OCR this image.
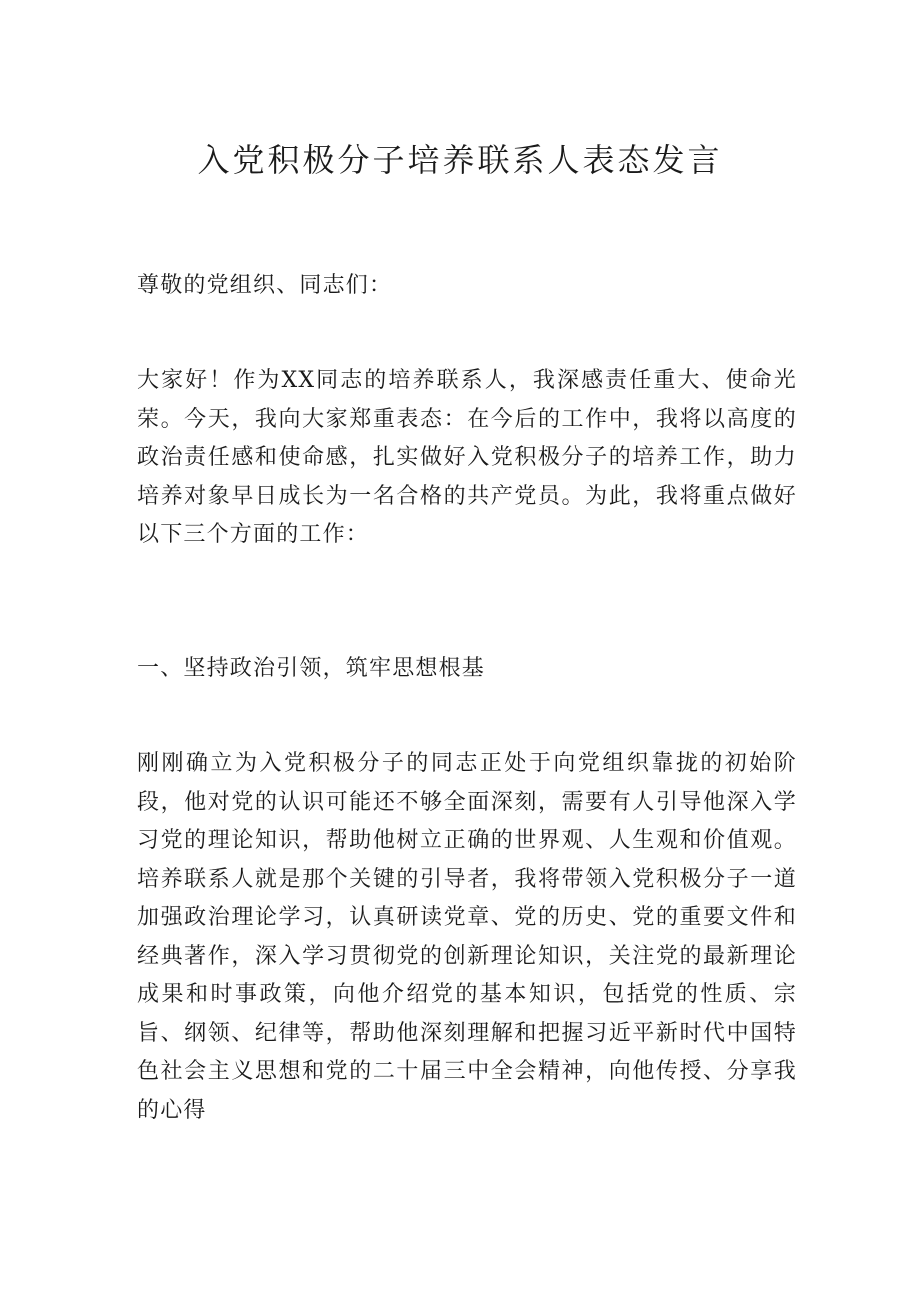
入党积极分子培养联系人表态发言
尊敬的党组织、同志们：
大家好！作为XX同志的培养联系人，我深感责任重大、使命光荣。今天，我向大家郑重表态：在今后的工作中，我将以高度的政治责任感和使命感，扎实做好入党积极分子的培养工作，助力培养对象早日成长为一名合格的共产党员。为此，我将重点做好以下三个方面的工作：
一、坚持政治引领，筑牢思想根基
刚刚确立为入党积极分子的同志正处于向党组织靠拢的初始阶段，他对党的认识可能还不够全面深刻，需要有人引导他深入学习党的理论知识，帮助他树立正确的世界观、人生观和价值观。培养联系人就是那个关键的引导者，我将带领入党积极分子一道加强政治理论学习，认真研读党章、党的历史、党的重要文件和经典著作，深入学习贯彻党的创新理论知识，关注党的最新理论成果和时事政策，向他介绍党的基本知识，包括党的性质、宗旨、纲领、纪律等，帮助他深刻理解和把握习近平新时代中国特色社会主义思想和党的二十届三中全会精神，向他传授、分享我的心得
